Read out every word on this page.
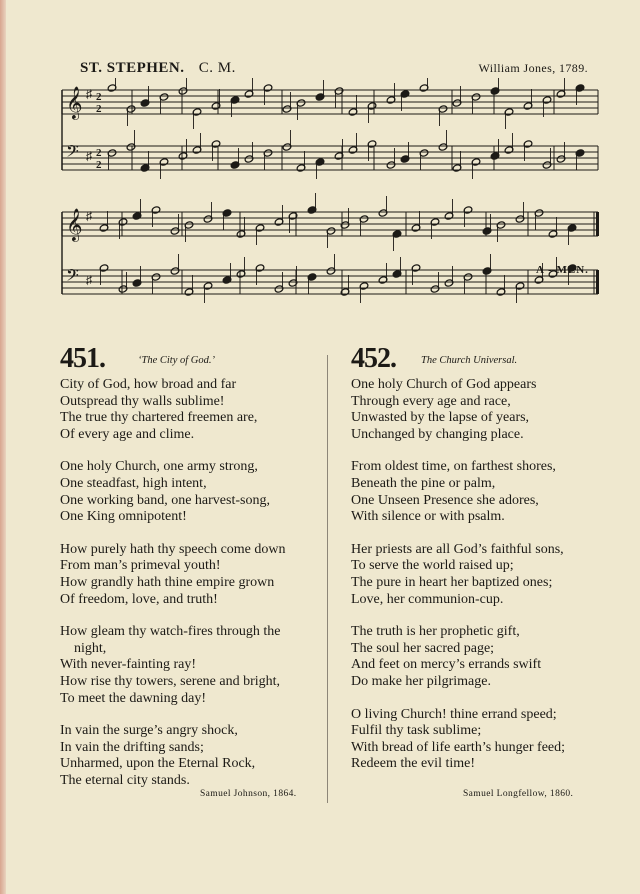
ST. STEPHEN. C. M.	William Jones, 1789.
𝄞 ♯ 2
2
𝄢 ♯ 2
2
𝄞 ♯
𝄢 ♯
A - MEN.
451.	‘The City of God.’
City of God, how broad and far
Outspread thy walls sublime!
The true thy chartered freemen are,
Of every age and clime.
One holy Church, one army strong,
One steadfast, high intent,
One working band, one harvest-song,
One King omnipotent!
How purely hath thy speech come down
From man’s primeval youth!
How grandly hath thine empire grown
Of freedom, love, and truth!
How gleam thy watch-fires through the
night,
With never-fainting ray!
How rise thy towers, serene and bright,
To meet the dawning day!
In vain the surge’s angry shock,
In vain the drifting sands;
Unharmed, upon the Eternal Rock,
The eternal city stands.
Samuel Johnson, 1864.
452. The Church Universal.
One holy Church of God appears
Through every age and race,
Unwasted by the lapse of years,
Unchanged by changing place.
From oldest time, on farthest shores,
Beneath the pine or palm,
One Unseen Presence she adores,
With silence or with psalm.
Her priests are all God’s faithful sons,
To serve the world raised up;
The pure in heart her baptized ones;
Love, her communion-cup.
The truth is her prophetic gift,
The soul her sacred page;
And feet on mercy’s errands swift
Do make her pilgrimage.
O living Church! thine errand speed;
Fulfil thy task sublime;
With bread of life earth’s hunger feed;
Redeem the evil time!
Samuel Longfellow, 1860.
